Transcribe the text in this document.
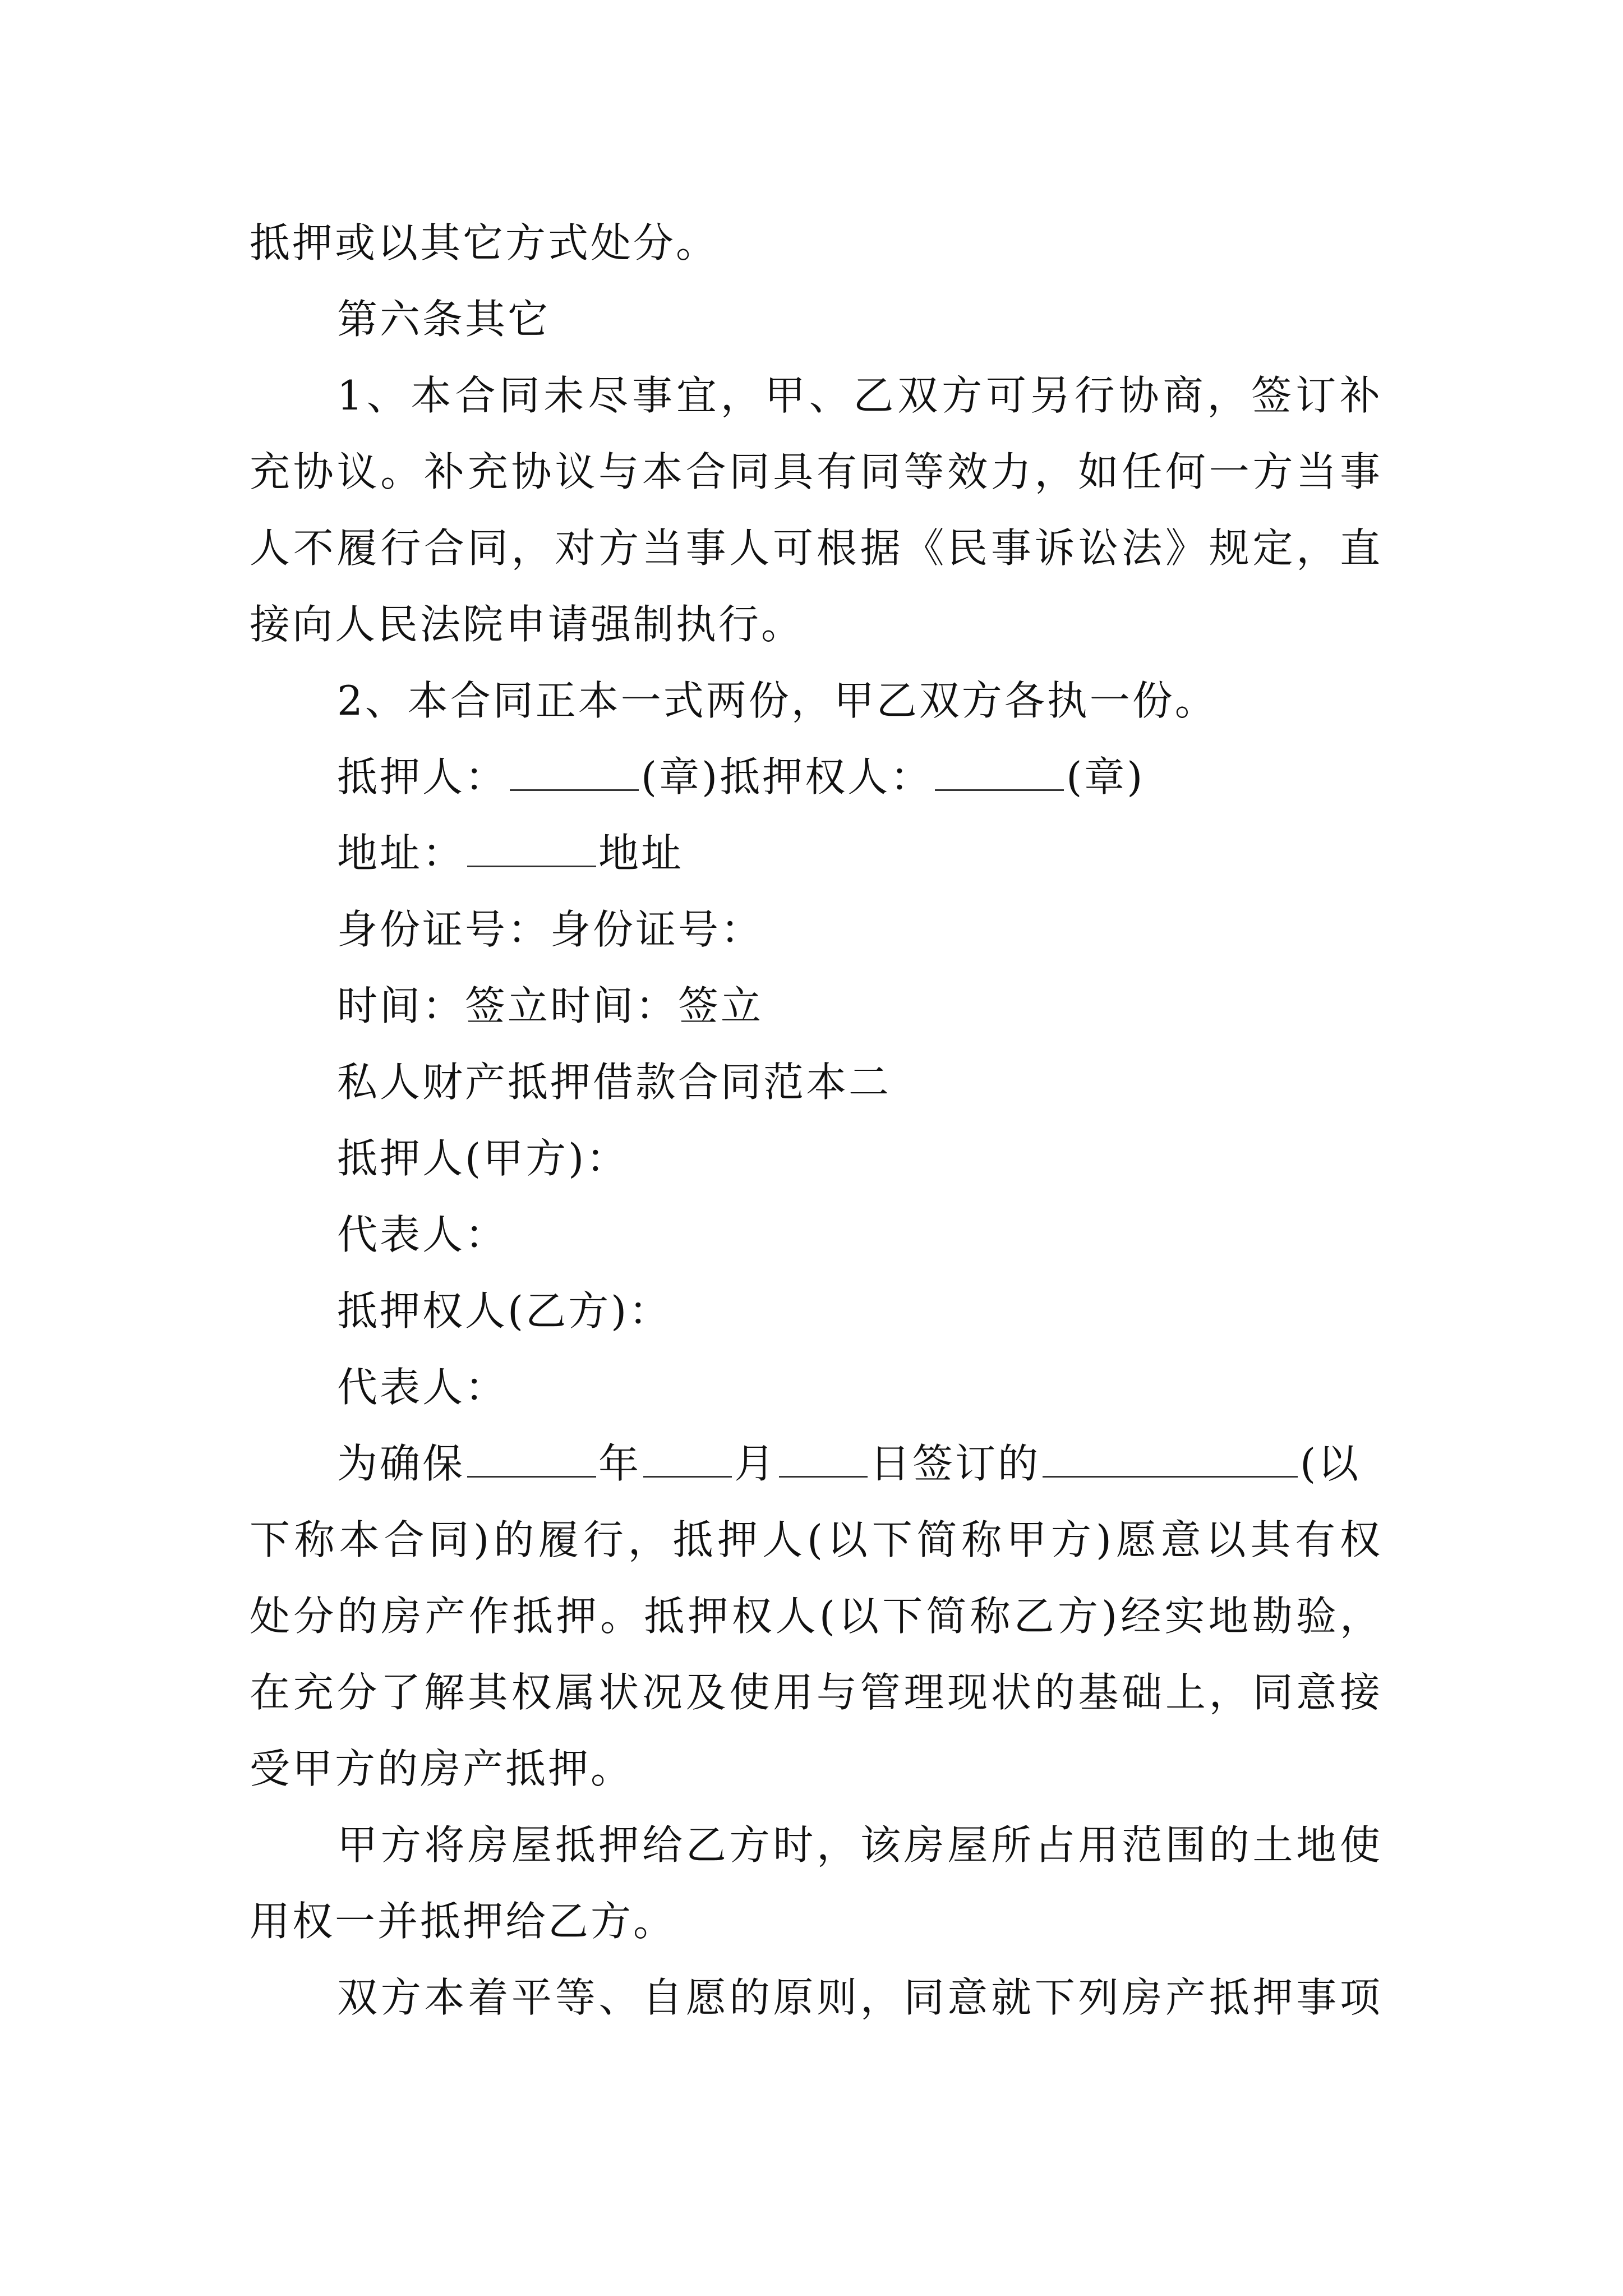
抵押或以其它方式处分。
第六条其它
1、本合同未尽事宜，甲、乙双方可另行协商，签订补
充协议。补充协议与本合同具有同等效力，如任何一方当事
人不履行合同，对方当事人可根据《民事诉讼法》规定，直
接向人民法院申请强制执行。
2、本合同正本一式两份，甲乙双方各执一份。
抵押人：	(章)抵押权人：	(章)
地址：	地址
身份证号：身份证号：
时间：签立时间：签立
私人财产抵押借款合同范本二
抵押人(甲方)：
代表人：
抵押权人(乙方)：
代表人：
为确保	年 月 日签订的	(以
下称本合同)的履行，抵押人(以下简称甲方)愿意以其有权
处分的房产作抵押。抵押权人(以下简称乙方)经实地勘验，
在充分了解其权属状况及使用与管理现状的基础上，同意接
受甲方的房产抵押。
甲方将房屋抵押给乙方时，该房屋所占用范围的土地使
用权一并抵押给乙方。
双方本着平等、自愿的原则，同意就下列房产抵押事项
